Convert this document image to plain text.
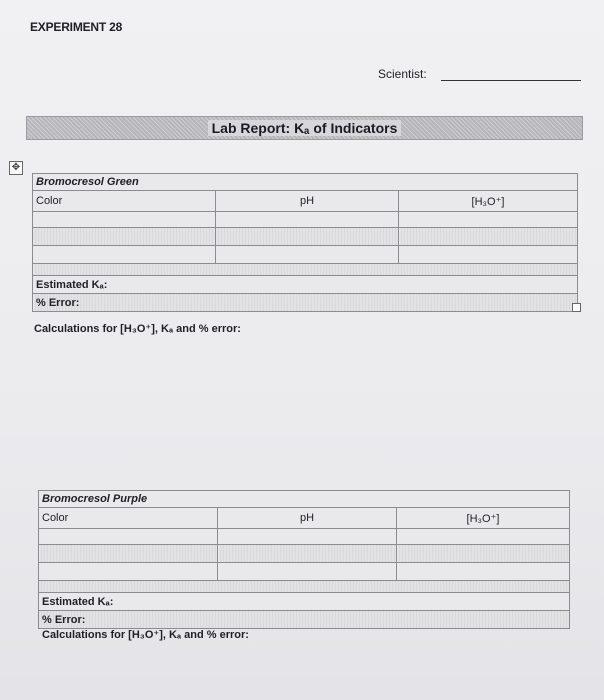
EXPERIMENT 28
Scientist:
Lab Report: Kₐ of Indicators
✥
Bromocresol Green		
Color	pH	[H₃O⁺]

Estimated Kₐ:		
% Error:		
Calculations for [H₃O⁺], Kₐ and % error:
Bromocresol Purple		
Color	pH	[H₃O⁺]

Estimated Kₐ:		
% Error:		
Calculations for [H₃O⁺], Kₐ and % error:
